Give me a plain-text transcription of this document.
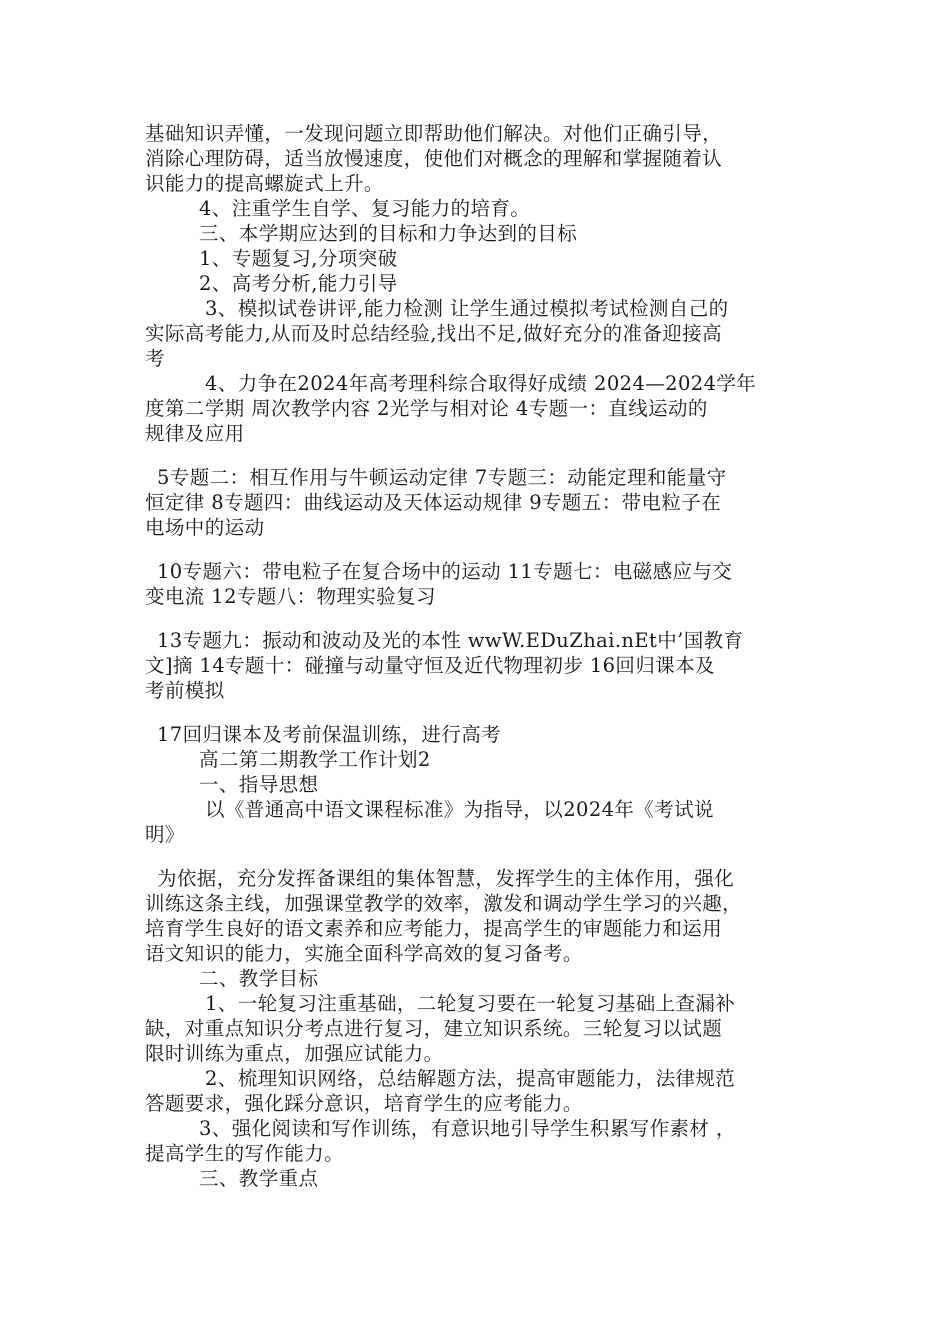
基础知识弄懂，一发现问题立即帮助他们解决。对他们正确引导，
消除心理防碍，适当放慢速度，使他们对概念的理解和掌握随着认
识能力的提高螺旋式上升。
4、注重学生自学、复习能力的培育。
三、本学期应达到的目标和力争达到的目标
1、专题复习,分项突破
2、高考分析,能力引导
3、模拟试卷讲评,能力检测 让学生通过模拟考试检测自己的
实际高考能力,从而及时总结经验,找出不足,做好充分的准备迎接高
考
4、力争在2024年高考理科综合取得好成绩 2024—2024学年
度第二学期 周次教学内容 2光学与相对论 4专题一：直线运动的
规律及应用
5专题二：相互作用与牛顿运动定律 7专题三：动能定理和能量守
恒定律 8专题四：曲线运动及天体运动规律 9专题五：带电粒子在
电场中的运动
10专题六：带电粒子在复合场中的运动 11专题七：电磁感应与交
变电流 12专题八：物理实验复习
13专题九：振动和波动及光的本性 wwW.EDuZhai.nEt中’国教育
文]摘 14专题十：碰撞与动量守恒及近代物理初步 16回归课本及
考前模拟
17回归课本及考前保温训练，进行高考
高二第二期教学工作计划2
一、指导思想
以《普通高中语文课程标准》为指导，以2024年《考试说
明》
为依据，充分发挥备课组的集体智慧，发挥学生的主体作用，强化
训练这条主线，加强课堂教学的效率，激发和调动学生学习的兴趣，
培育学生良好的语文素养和应考能力，提高学生的审题能力和运用
语文知识的能力，实施全面科学高效的复习备考。
二、教学目标
1、一轮复习注重基础，二轮复习要在一轮复习基础上查漏补
缺，对重点知识分考点进行复习，建立知识系统。三轮复习以试题
限时训练为重点，加强应试能力。
2、梳理知识网络，总结解题方法，提高审题能力，法律规范
答题要求，强化踩分意识，培育学生的应考能力。
3、强化阅读和写作训练，有意识地引导学生积累写作素材 ，
提高学生的写作能力。
三、教学重点
